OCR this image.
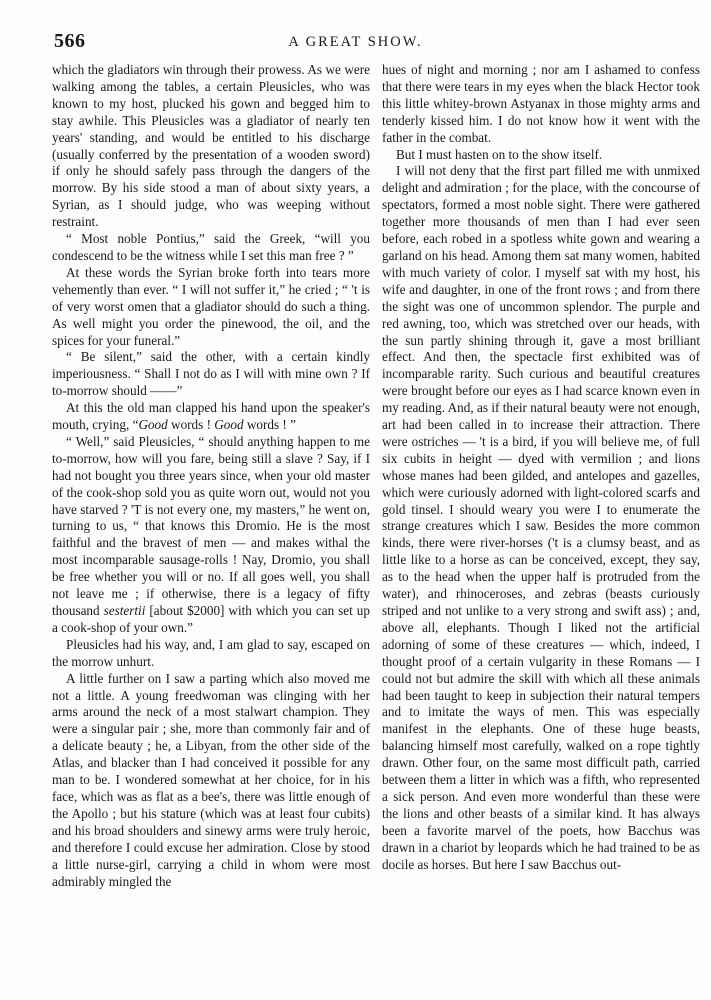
566	A GREAT SHOW.

which the gladiators win through their prowess. As we were walking among the tables, a certain Pleusicles, who was known to my host, plucked his gown and begged him to stay awhile. This Pleusicles was a gladiator of nearly ten years' standing, and would be entitled to his discharge (usually conferred by the presentation of a wooden sword) if only he should safely pass through the dangers of the morrow. By his side stood a man of about sixty years, a Syrian, as I should judge, who was weeping without restraint.

“ Most noble Pontius,” said the Greek, “will you condescend to be the witness while I set this man free ? ”

At these words the Syrian broke forth into tears more vehemently than ever. “ I will not suffer it,” he cried ; “ 't is of very worst omen that a gladiator should do such a thing. As well might you order the pinewood, the oil, and the spices for your funeral.”

“ Be silent,” said the other, with a certain kindly imperiousness. “ Shall I not do as I will with mine own ? If to-morrow should ——”

At this the old man clapped his hand upon the speaker's mouth, crying, “Good words ! Good words ! ”

“ Well,” said Pleusicles, “ should anything happen to me to-morrow, how will you fare, being still a slave ? Say, if I had not bought you three years since, when your old master of the cook-shop sold you as quite worn out, would not you have starved ? 'T is not every one, my masters,” he went on, turning to us, “ that knows this Dromio. He is the most faithful and the bravest of men — and makes withal the most incomparable sausage-rolls ! Nay, Dromio, you shall be free whether you will or no. If all goes well, you shall not leave me ; if otherwise, there is a legacy of fifty thousand sestertii [about $2000] with which you can set up a cook-shop of your own.”

Pleusicles had his way, and, I am glad to say, escaped on the morrow unhurt.

A little further on I saw a parting which also moved me not a little. A young freedwoman was clinging with her arms around the neck of a most stalwart champion. They were a singular pair ; she, more than commonly fair and of a delicate beauty ; he, a Libyan, from the other side of the Atlas, and blacker than I had conceived it possible for any man to be. I wondered somewhat at her choice, for in his face, which was as flat as a bee's, there was little enough of the Apollo ; but his stature (which was at least four cubits) and his broad shoulders and sinewy arms were truly heroic, and therefore I could excuse her admiration. Close by stood a little nurse-girl, carrying a child in whom were most admirably mingled the

hues of night and morning ; nor am I ashamed to confess that there were tears in my eyes when the black Hector took this little whitey-brown Astyanax in those mighty arms and tenderly kissed him. I do not know how it went with the father in the combat.

But I must hasten on to the show itself.

I will not deny that the first part filled me with unmixed delight and admiration ; for the place, with the concourse of spectators, formed a most noble sight. There were gathered together more thousands of men than I had ever seen before, each robed in a spotless white gown and wearing a garland on his head. Among them sat many women, habited with much variety of color. I myself sat with my host, his wife and daughter, in one of the front rows ; and from there the sight was one of uncommon splendor. The purple and red awning, too, which was stretched over our heads, with the sun partly shining through it, gave a most brilliant effect. And then, the spectacle first exhibited was of incomparable rarity. Such curious and beautiful creatures were brought before our eyes as I had scarce known even in my reading. And, as if their natural beauty were not enough, art had been called in to increase their attraction. There were ostriches — 't is a bird, if you will believe me, of full six cubits in height — dyed with vermilion ; and lions whose manes had been gilded, and antelopes and gazelles, which were curiously adorned with light-colored scarfs and gold tinsel. I should weary you were I to enumerate the strange creatures which I saw. Besides the more common kinds, there were river-horses ('t is a clumsy beast, and as little like to a horse as can be conceived, except, they say, as to the head when the upper half is protruded from the water), and rhinoceroses, and zebras (beasts curiously striped and not unlike to a very strong and swift ass) ; and, above all, elephants. Though I liked not the artificial adorning of some of these creatures — which, indeed, I thought proof of a certain vulgarity in these Romans — I could not but admire the skill with which all these animals had been taught to keep in subjection their natural tempers and to imitate the ways of men. This was especially manifest in the elephants. One of these huge beasts, balancing himself most carefully, walked on a rope tightly drawn. Other four, on the same most difficult path, carried between them a litter in which was a fifth, who represented a sick person. And even more wonderful than these were the lions and other beasts of a similar kind. It has always been a favorite marvel of the poets, how Bacchus was drawn in a chariot by leopards which he had trained to be as docile as horses. But here I saw Bacchus out-
